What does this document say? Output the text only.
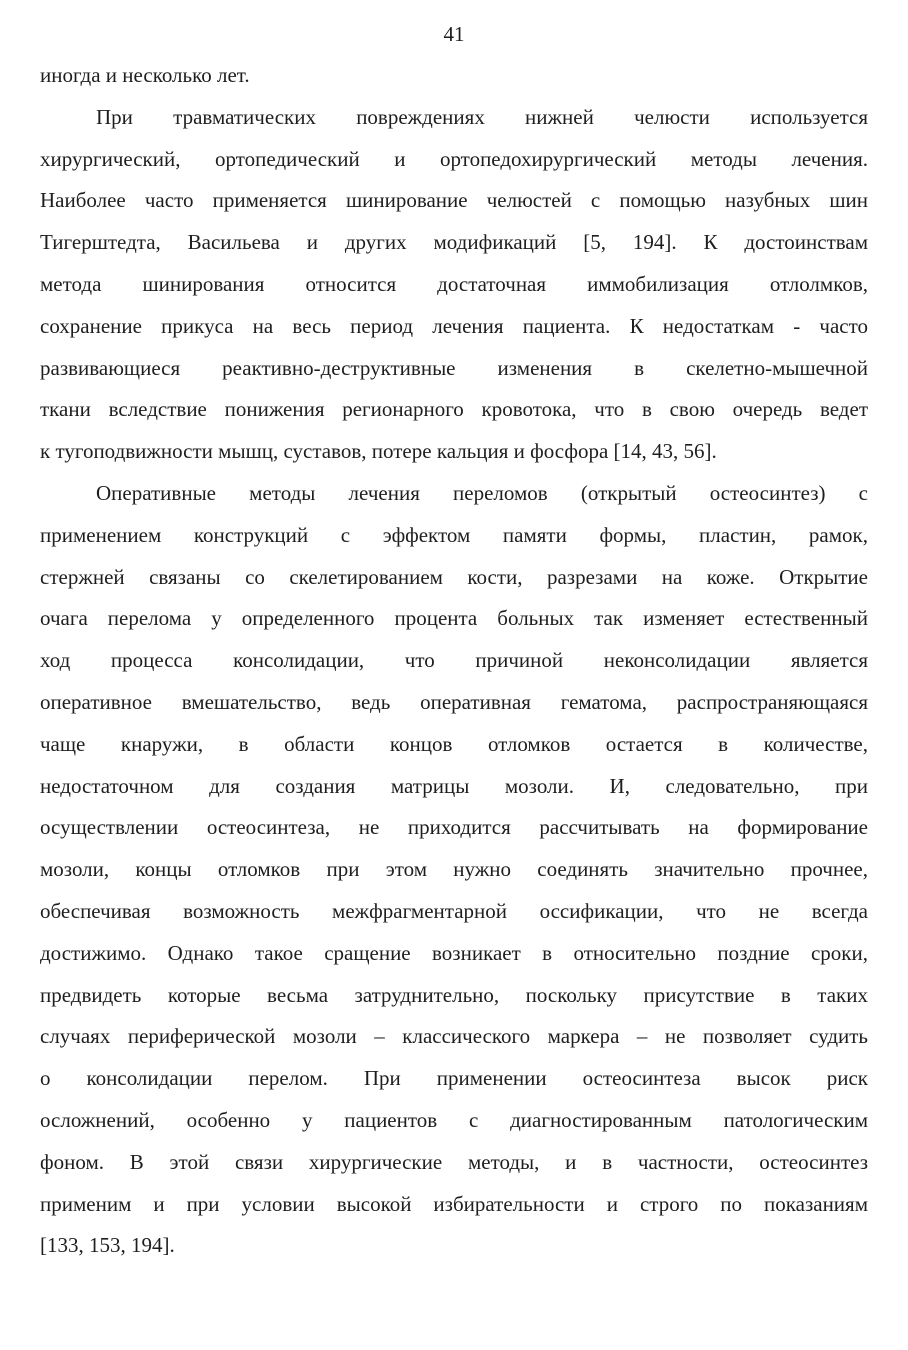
41

иногда и несколько лет.

При травматических повреждениях нижней челюсти используется
хирургический, ортопедический и ортопедохирургический методы лечения.
Наиболее часто применяется шинирование челюстей с помощью назубных шин
Тигерштедта, Васильева и других модификаций [5, 194]. К достоинствам
метода шинирования относится достаточная иммобилизация отлолмков,
сохранение прикуса на весь период лечения пациента. К недостаткам - часто
развивающиеся реактивно-деструктивные изменения в скелетно-мышечной
ткани вследствие понижения регионарного кровотока, что в свою очередь ведет
к тугоподвижности мышц, суставов, потере кальция и фосфора [14, 43, 56].

Оперативные методы лечения переломов (открытый остеосинтез) с
применением конструкций с эффектом памяти формы, пластин, рамок,
стержней связаны со скелетированием кости, разрезами на коже. Открытие
очага перелома у определенного процента больных так изменяет естественный
ход процесса консолидации, что причиной неконсолидации является
оперативное вмешательство, ведь оперативная гематома, распространяющаяся
чаще кнаружи, в области концов отломков остается в количестве,
недостаточном для создания матрицы мозоли. И, следовательно, при
осуществлении остеосинтеза, не приходится рассчитывать на формирование
мозоли, концы отломков при этом нужно соединять значительно прочнее,
обеспечивая возможность межфрагментарной оссификации, что не всегда
достижимо. Однако такое сращение возникает в относительно поздние сроки,
предвидеть которые весьма затруднительно, поскольку присутствие в таких
случаях периферической мозоли – классического маркера – не позволяет судить
о консолидации перелом. При применении остеосинтеза высок риск
осложнений, особенно у пациентов с диагностированным патологическим
фоном. В этой связи хирургические методы, и в частности, остеосинтез
применим и при условии высокой избирательности и строго по показаниям
[133, 153, 194].
